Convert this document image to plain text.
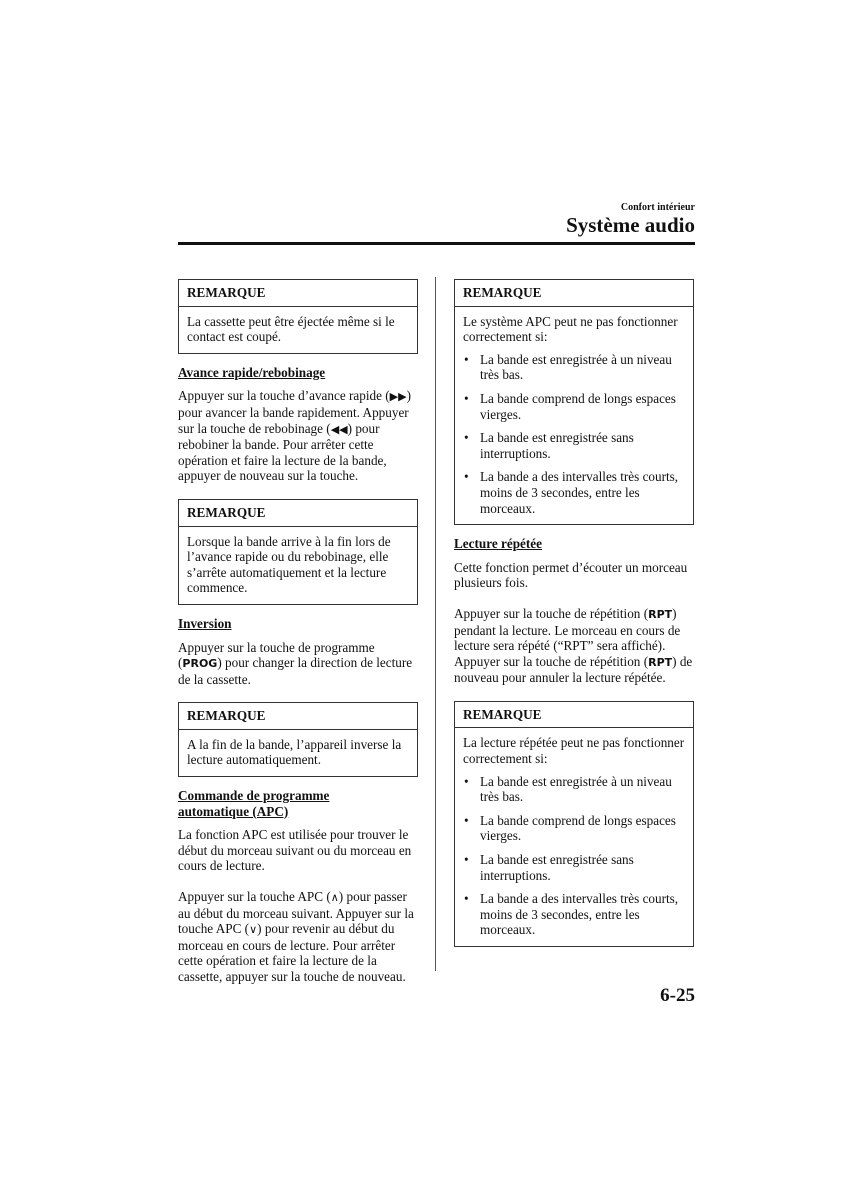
Confort intérieur
Système audio
REMARQUE

La cassette peut être éjectée même si le contact est coupé.

Avance rapide/rebobinage

Appuyer sur la touche d’avance rapide (▶▶) pour avancer la bande rapidement. Appuyer sur la touche de rebobinage (◀◀) pour rebobiner la bande. Pour arrêter cette opération et faire la lecture de la bande, appuyer de nouveau sur la touche.

REMARQUE

Lorsque la bande arrive à la fin lors de l’avance rapide ou du rebobinage, elle s’arrête automatiquement et la lecture commence.

Inversion

Appuyer sur la touche de programme (PROG) pour changer la direction de lecture de la cassette.

REMARQUE

A la fin de la bande, l’appareil inverse la lecture automatiquement.

Commande de programme
automatique (APC)

La fonction APC est utilisée pour trouver le début du morceau suivant ou du morceau en cours de lecture.

Appuyer sur la touche APC (∧) pour passer au début du morceau suivant. Appuyer sur la touche APC (∨) pour revenir au début du morceau en cours de lecture. Pour arrêter cette opération et faire la lecture de la cassette, appuyer sur la touche de nouveau.

REMARQUE

Le système APC peut ne pas fonctionner correctement si:

• La bande est enregistrée à un niveau très bas.
• La bande comprend de longs espaces vierges.
• La bande est enregistrée sans interruptions.
• La bande a des intervalles très courts, moins de 3 secondes, entre les morceaux.
Lecture répétée

Cette fonction permet d’écouter un morceau plusieurs fois.

Appuyer sur la touche de répétition (RPT) pendant la lecture. Le morceau en cours de lecture sera répété (“RPT” sera affiché).
Appuyer sur la touche de répétition (RPT) de nouveau pour annuler la lecture répétée.

REMARQUE

La lecture répétée peut ne pas fonctionner correctement si:

• La bande est enregistrée à un niveau très bas.
• La bande comprend de longs espaces vierges.
• La bande est enregistrée sans interruptions.
• La bande a des intervalles très courts, moins de 3 secondes, entre les morceaux.
6-25
